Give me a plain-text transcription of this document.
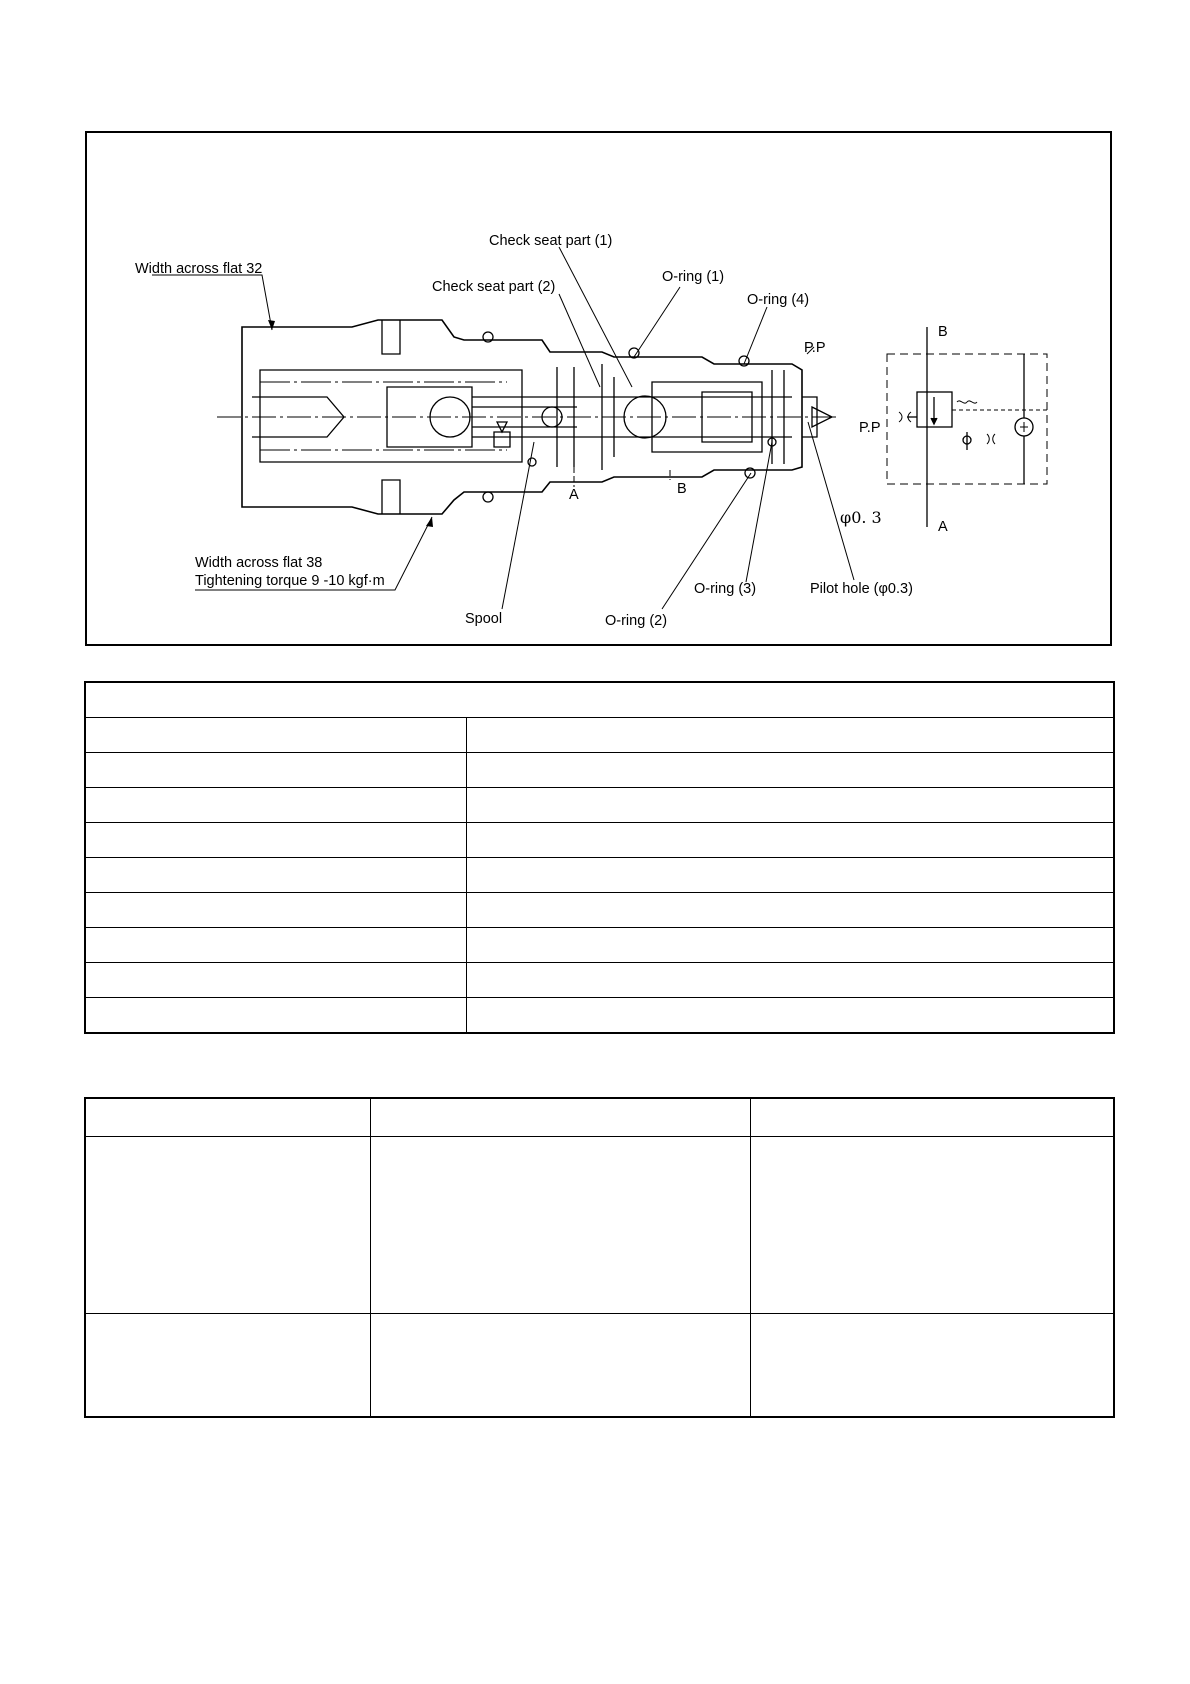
Width across flat 32
Check seat part (1)
Check seat part (2)
O-ring (1)
O-ring (4)
P.P
A	B
Width across flat 38
Tightening torque 9 -10 kgf·m
Spool	O-ring (2)
O-ring (3)	Pilot hole (φ0.3)
B
A
P.P
φ0. 3
